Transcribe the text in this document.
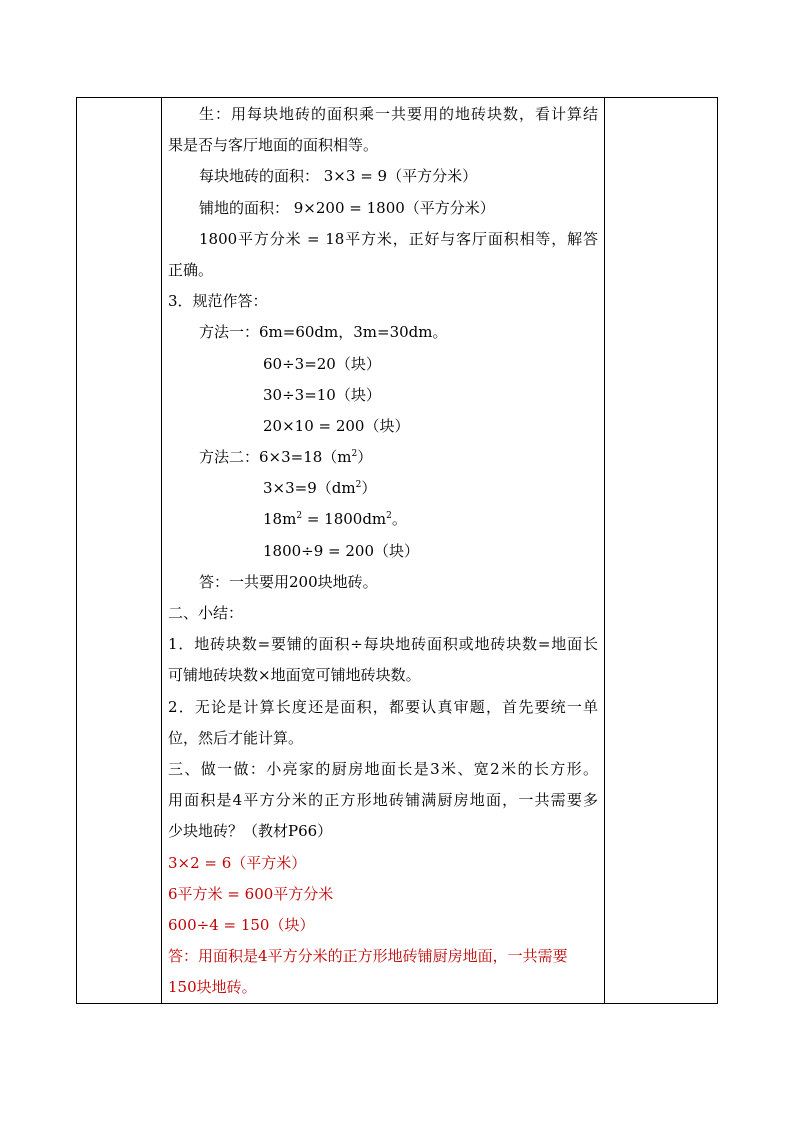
生：用每块地砖的面积乘一共要用的地砖块数，看计算结
果是否与客厅地面的面积相等。
每块地砖的面积： 3×3 = 9（平方分米）
铺地的面积： 9×200 = 1800（平方分米）
1800平方分米 = 18平方米，正好与客厅面积相等，解答
正确。
3．规范作答：
方法一：6m=60dm，3m=30dm。
60÷3=20（块）
30÷3=10（块）
20×10 = 200（块）
方法二：$6\times 3=18(m^2)$
$3\times 3=9(dm^2)$
$18m^2 = 1800dm^2$。
1800÷9 = 200（块）
答：一共要用200块地砖。
二、小结：
1．地砖块数=要铺的面积÷每块地砖面积或地砖块数=地面长
可铺地砖块数×地面宽可铺地砖块数。
2．无论是计算长度还是面积，都要认真审题，首先要统一单
位，然后才能计算。
三、做一做：小亮家的厨房地面长是3米、宽2米的长方形。
用面积是4平方分米的正方形地砖铺满厨房地面，一共需要多
少块地砖？（教材P66）
3×2 = 6（平方米）
6平方米 = 600平方分米
600÷4 = 150（块）
答：用面积是4平方分米的正方形地砖铺厨房地面，一共需要
150块地砖。
